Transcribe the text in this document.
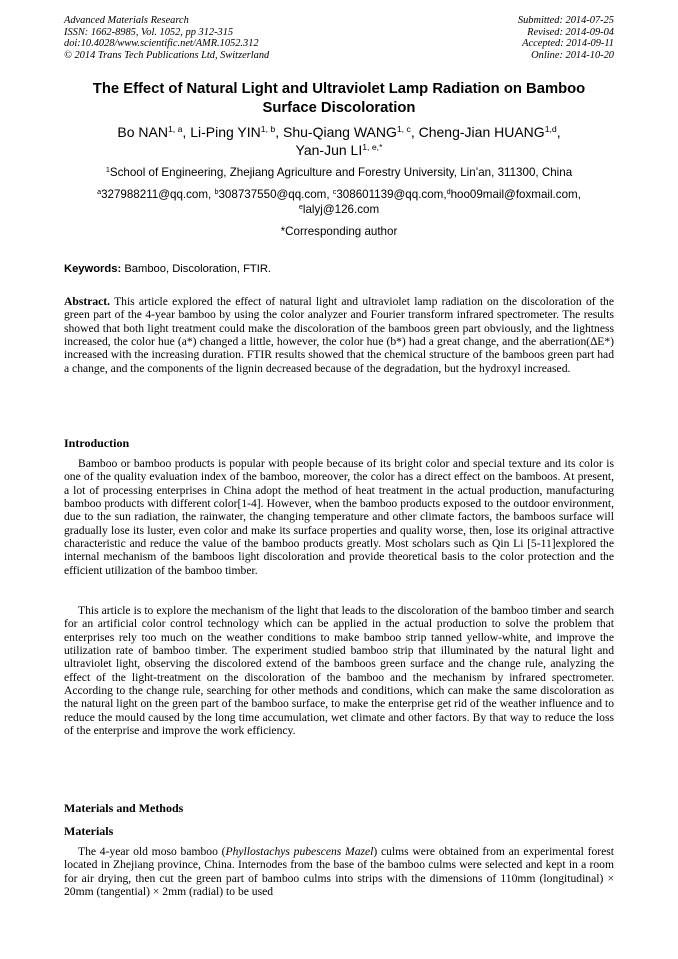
Advanced Materials Research
ISSN: 1662-8985, Vol. 1052, pp 312-315
doi:10.4028/www.scientific.net/AMR.1052.312
© 2014 Trans Tech Publications Ltd, Switzerland
Submitted: 2014-07-25
Revised: 2014-09-04
Accepted: 2014-09-11
Online: 2014-10-20
The Effect of Natural Light and Ultraviolet Lamp Radiation on Bamboo
Surface Discoloration
Bo NAN$^{1, a}$, Li-Ping YIN$^{1, b}$, Shu-Qiang WANG$^{1, c}$, Cheng-Jian HUANG$^{1,d}$,
Yan-Jun $LI^{1, e,*}$
$^1$School of Engineering, Zhejiang Agriculture and Forestry University, Lin’an, 311300, China
$^a$327988211@qq.com, $^b$308737550@qq.com, $^c$308601139@qq.com,$^d$hoo09mail@foxmail.com,
$^e$lalyj@126.com
*Corresponding author
Keywords: Bamboo, Discoloration, FTIR.
Abstract. This article explored the effect of natural light and ultraviolet lamp radiation on the discoloration of the green part of the 4-year bamboo by using the color analyzer and Fourier transform infrared spectrometer. The results showed that both light treatment could make the discoloration of the bamboos green part obviously, and the lightness increased, the color hue (a*) changed a little, however, the color hue (b*) had a great change, and the aberration(∆E*) increased with the increasing duration. FTIR results showed that the chemical structure of the bamboos green part had a change, and the components of the lignin decreased because of the degradation, but the hydroxyl increased.
Introduction

Bamboo or bamboo products is popular with people because of its bright color and special texture and its color is one of the quality evaluation index of the bamboo, moreover, the color has a direct effect on the bamboos. At present, a lot of processing enterprises in China adopt the method of heat treatment in the actual production, manufacturing bamboo products with different color[1-4]. However, when the bamboo products exposed to the outdoor environment, due to the sun radiation, the rainwater, the changing temperature and other climate factors, the bamboos surface will gradually lose its luster, even color and make its surface properties and quality worse, then, lose its original attractive characteristic and reduce the value of the bamboo products greatly. Most scholars such as Qin Li [5-11]explored the internal mechanism of the bamboos light discoloration and provide theoretical basis to the color protection and the efficient utilization of the bamboo timber.

This article is to explore the mechanism of the light that leads to the discoloration of the bamboo timber and search for an artificial color control technology which can be applied in the actual production to solve the problem that enterprises rely too much on the weather conditions to make bamboo strip tanned yellow-white, and improve the utilization rate of bamboo timber. The experiment studied bamboo strip that illuminated by the natural light and ultraviolet light, observing the discolored extend of the bamboos green surface and the change rule, analyzing the effect of the light-treatment on the discoloration of the bamboo and the mechanism by infrared spectrometer. According to the change rule, searching for other methods and conditions, which can make the same discoloration as the natural light on the green part of the bamboo surface, to make the enterprise get rid of the weather influence and to reduce the mould caused by the long time accumulation, wet climate and other factors. By that way to reduce the loss of the enterprise and improve the work efficiency.

Materials and Methods
Materials

The 4-year old moso bamboo (Phyllostachys pubescens Mazel) culms were obtained from an experimental forest located in Zhejiang province, China. Internodes from the base of the bamboo culms were selected and kept in a room for air drying, then cut the green part of bamboo culms into strips with the dimensions of 110mm (longitudinal) × 20mm (tangential) × 2mm (radial) to be used
